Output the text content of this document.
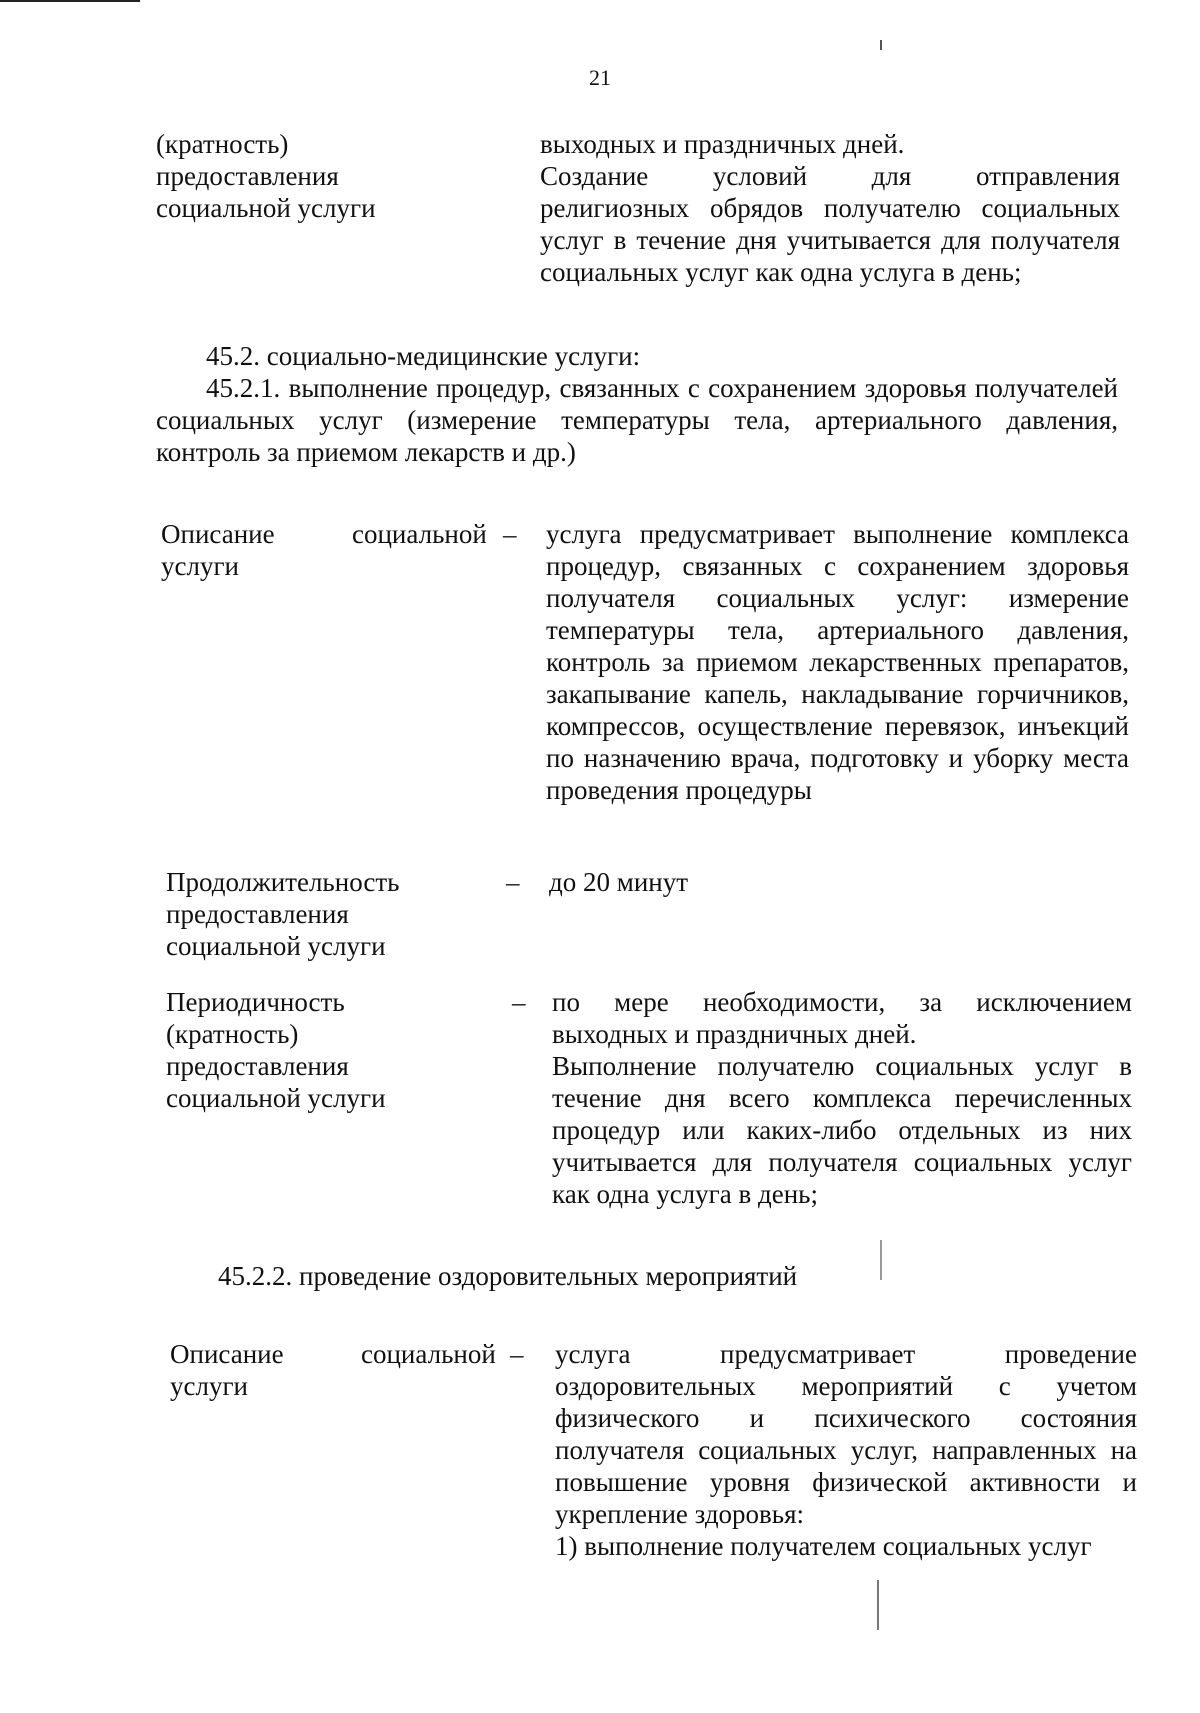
21
(кратность)
предоставления
социальной услуги
выходных и праздничных дней.
Создание условий для отправления
религиозных обрядов получателю социальных
услуг в течение дня учитывается для получателя
социальных услуг как одна услуга в день;
45.2. социально-медицинские услуги:
45.2.1. выполнение процедур, связанных с сохранением здоровья получателей социальных услуг (измерение температуры тела, артериального давления, контроль за приемом лекарств и др.)
Описание	социальной
услуги
– услуга предусматривает выполнение комплекса процедур, связанных с сохранением здоровья получателя социальных услуг: измерение температуры тела, артериального давления, контроль за приемом лекарственных препаратов, закапывание капель, накладывание горчичников, компрессов, осуществление перевязок, инъекций по назначению врача, подготовку и уборку места проведения процедуры
Продолжительность
предоставления
социальной услуги
– до 20 минут
Периодичность
(кратность)
предоставления
социальной услуги
– по мере необходимости, за исключением выходных и праздничных дней.

Выполнение получателю социальных услуг в течение дня всего комплекса перечисленных процедур или каких-либо отдельных из них учитывается для получателя социальных услуг как одна услуга в день;

45.2.2. проведение оздоровительных мероприятий
Описание	социальной
услуги
– услуга предусматривает проведение оздоровительных мероприятий с учетом физического и психического состояния получателя социальных услуг, направленных на повышение уровня физической активности и укрепление здоровья:

1) выполнение получателем социальных услуг
